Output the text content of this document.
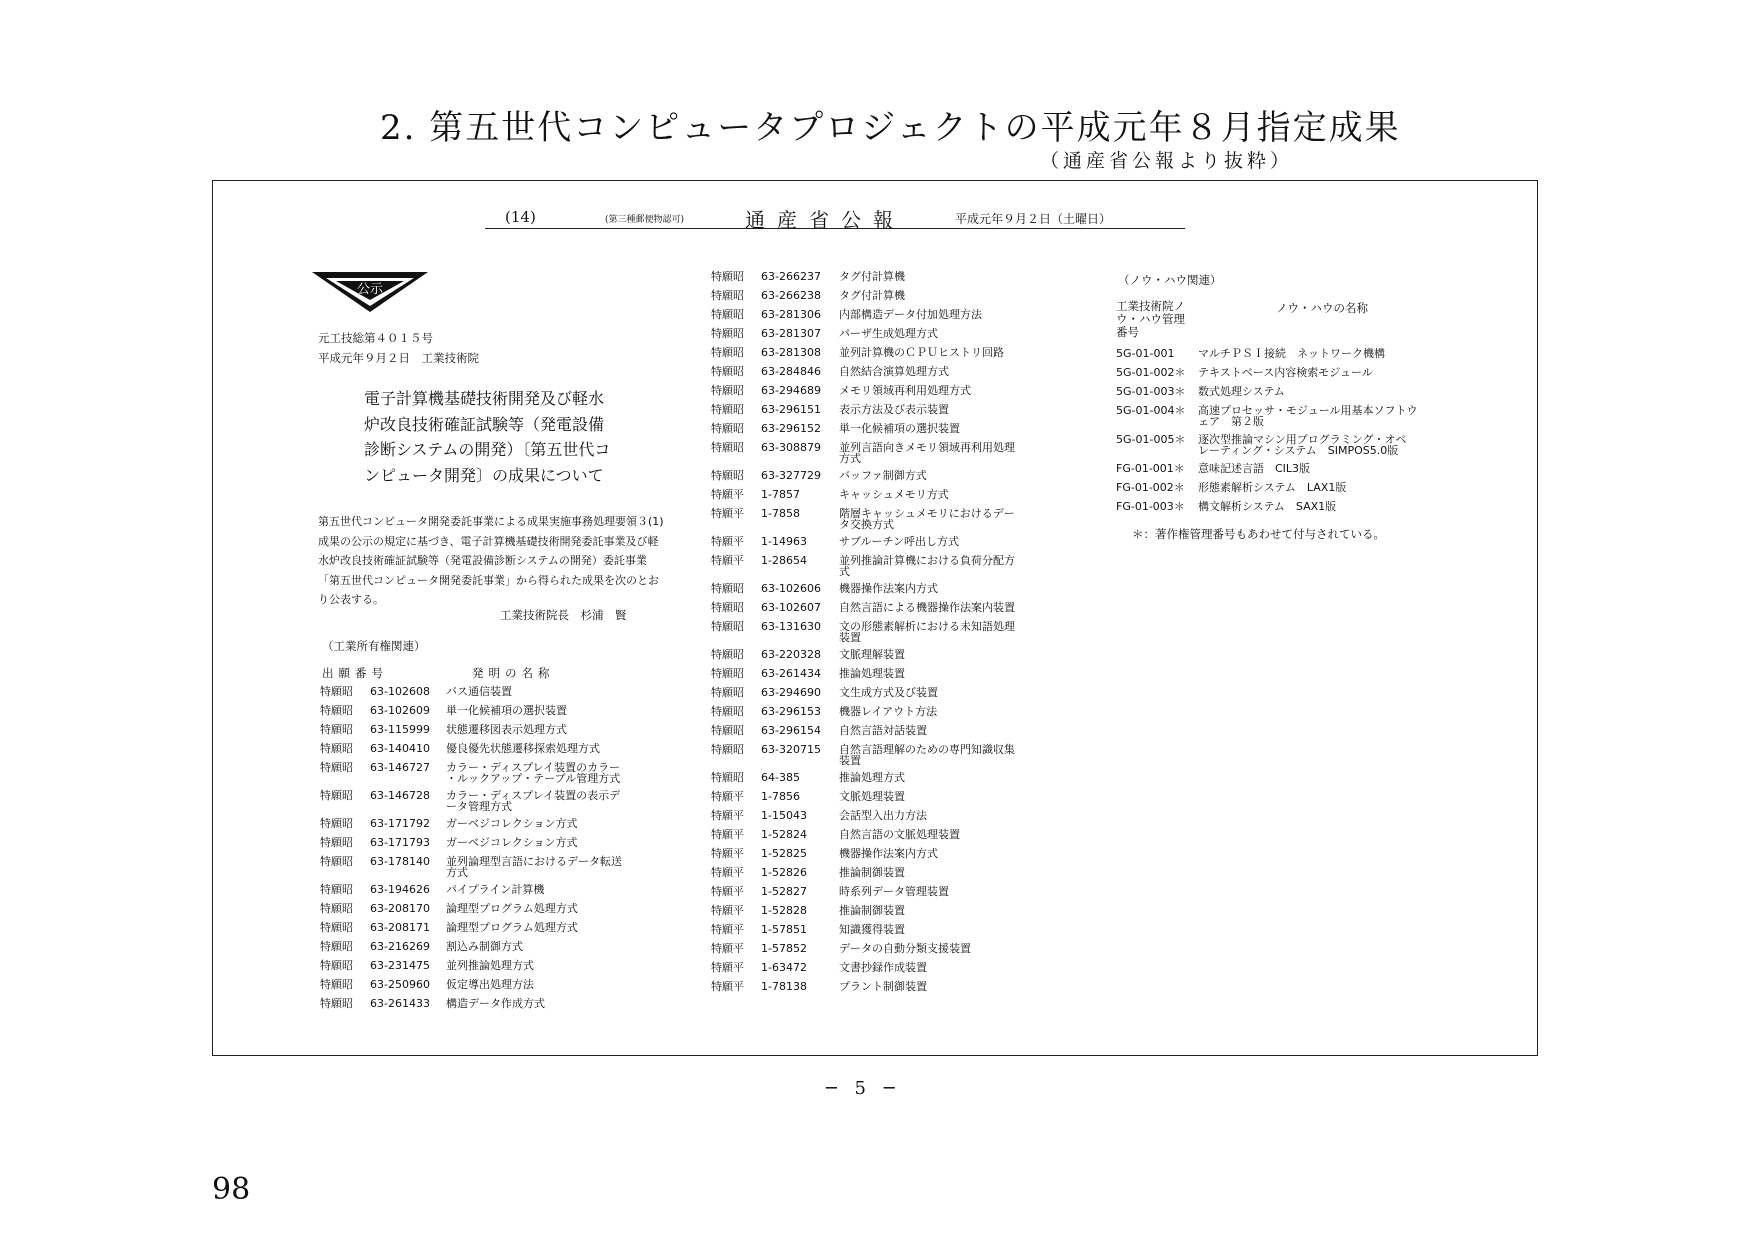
2. 第五世代コンピュータプロジェクトの平成元年８月指定成果
（通産省公報より抜粋）
(14)	(第三種郵便物認可)	通産省公報	平成元年９月２日（土曜日）
公示
元工技総第４０１５号
平成元年９月２日　工業技術院
電子計算機基礎技術開発及び軽水炉改良技術確証試験等（発電設備診断システムの開発）〔第五世代コンピュータ開発〕の成果について
第五世代コンピュータ開発委託事業による成果実施事務処理要領３(1)成果の公示の規定に基づき、電子計算機基礎技術開発委託事業及び軽水炉改良技術確証試験等（発電設備診断システムの開発）委託事業「第五世代コンピュータ開発委託事業」から得られた成果を次のとおり公表する。
工業技術院長　杉浦　賢
（工業所有権関連）
出願番号	発明の名称
特願昭 63-102608 バス通信装置
特願昭 63-102609 単一化候補項の選択装置
特願昭 63-115999 状態遷移図表示処理方式
特願昭 63-140410 優良優先状態遷移探索処理方式
特願昭 63-146727 カラー・ディスプレイ装置のカラー
・ルックアップ・テーブル管理方式
特願昭 63-146728 カラー・ディスプレイ装置の表示デ
ータ管理方式
特願昭 63-171792 ガーベジコレクション方式
特願昭 63-171793 ガーベジコレクション方式
特願昭 63-178140 並列論理型言語におけるデータ転送
方式
特願昭 63-194626 パイプライン計算機
特願昭 63-208170 論理型プログラム処理方式
特願昭 63-208171 論理型プログラム処理方式
特願昭 63-216269 割込み制御方式
特願昭 63-231475 並列推論処理方式
特願昭 63-250960 仮定導出処理方法
特願昭 63-261433 構造データ作成方式
特願昭 63-266237 タグ付計算機
特願昭 63-266238 タグ付計算機
特願昭 63-281306 内部構造データ付加処理方法
特願昭 63-281307 パーザ生成処理方式
特願昭 63-281308 並列計算機のＣＰＵヒストリ回路
特願昭 63-284846 自然結合演算処理方式
特願昭 63-294689 メモリ領域再利用処理方式
特願昭 63-296151 表示方法及び表示装置
特願昭 63-296152 単一化候補項の選択装置
特願昭 63-308879 並列言語向きメモリ領域再利用処理
方式
特願昭 63-327729 バッファ制御方式
特願平 1-7857	キャッシュメモリ方式
特願平 1-7858	階層キャッシュメモリにおけるデー
タ交換方式
特願平 1-14963	サブルーチン呼出し方式
特願平 1-28654	並列推論計算機における負荷分配方
式
特願昭 63-102606 機器操作法案内方式
特願昭 63-102607 自然言語による機器操作法案内装置
特願昭 63-131630 文の形態素解析における未知語処理
装置
特願昭 63-220328 文脈理解装置
特願昭 63-261434 推論処理装置
特願昭 63-294690 文生成方式及び装置
特願昭 63-296153 機器レイアウト方法
特願昭 63-296154 自然言語対話装置
特願昭 63-320715 自然言語理解のための専門知識収集
装置
特願昭 64-385	推論処理方式
特願平 1-7856	文脈処理装置
特願平 1-15043	会話型入出力方法
特願平 1-52824	自然言語の文脈処理装置
特願平 1-52825	機器操作法案内方式
特願平 1-52826	推論制御装置
特願平 1-52827	時系列データ管理装置
特願平 1-52828	推論制御装置
特願平 1-57851	知識獲得装置
特願平 1-57852	データの自動分類支援装置
特願平 1-63472	文書抄録作成装置
特願平 1-78138	プラント制御装置
（ノウ・ハウ関連）
工業技術院ノウ・ハウ管理番号
ノウ・ハウの名称
5G-01-001 マルチＰＳＩ接続　ネットワーク機構
5G-01-002＊ テキストベース内容検索モジュール
5G-01-003＊ 数式処理システム
5G-01-004＊ 高速プロセッサ・モジュール用基本ソフトウ
ェア　第２版
5G-01-005＊ 逐次型推論マシン用プログラミング・オペ
レーティング・システム　SIMPOS5.0版
FG-01-001＊ 意味記述言語　CIL3版
FG-01-002＊ 形態素解析システム　LAX1版
FG-01-003＊ 構文解析システム　SAX1版
＊：著作権管理番号もあわせて付与されている。
─ 5 ─
98
